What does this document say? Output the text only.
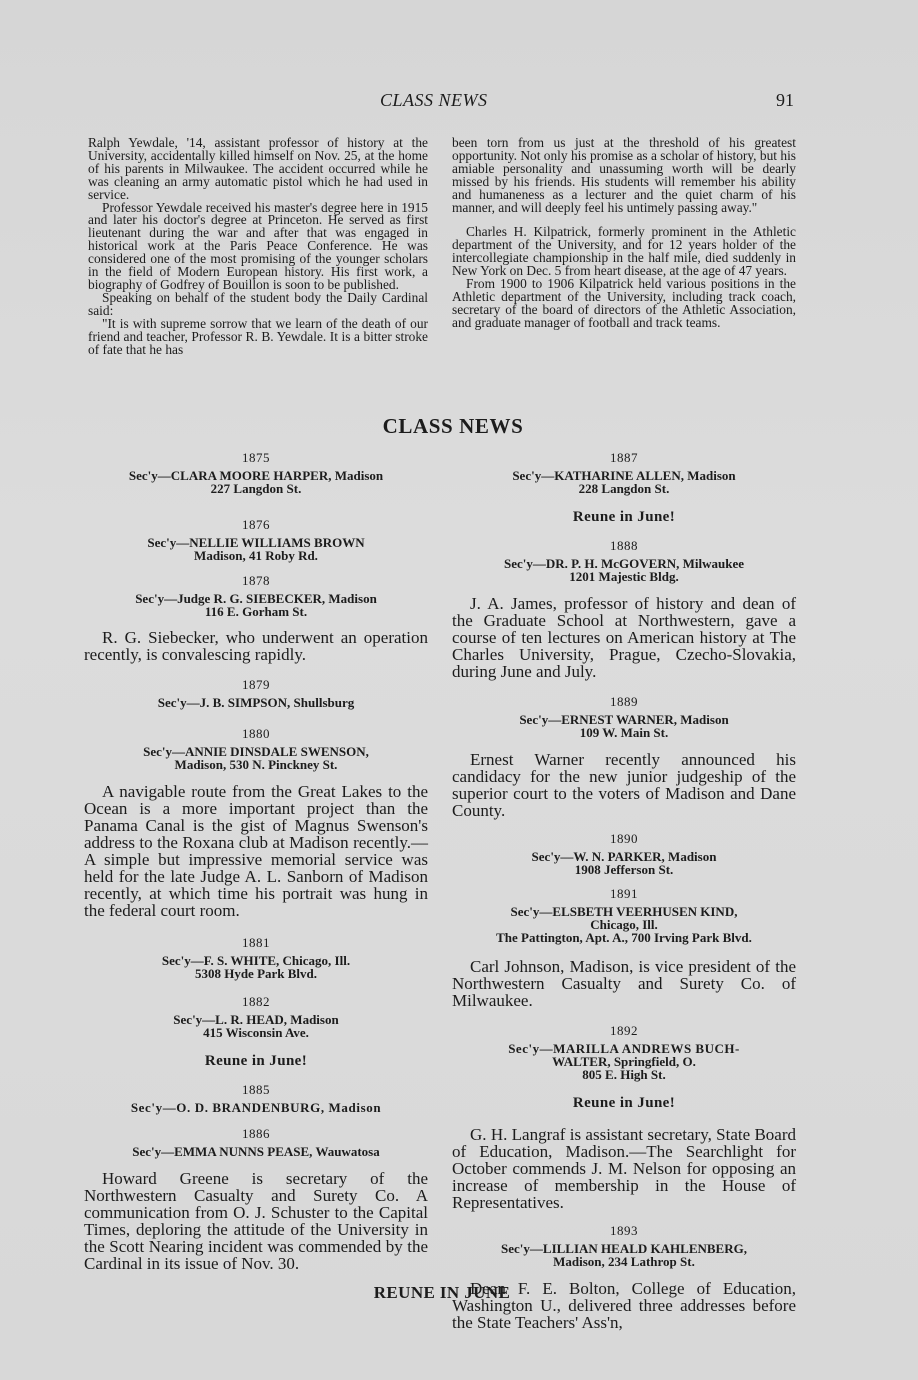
CLASS NEWS	91

Ralph Yewdale, '14, assistant professor of history at the University, accidentally killed himself on Nov. 25, at the home of his parents in Milwaukee. The accident occurred while he was cleaning an army automatic pistol which he had used in service.

Professor Yewdale received his master's degree here in 1915 and later his doctor's degree at Princeton. He served as first lieutenant during the war and after that was engaged in historical work at the Paris Peace Conference. He was considered one of the most promising of the younger scholars in the field of Modern European history. His first work, a biography of Godfrey of Bouillon is soon to be published.

Speaking on behalf of the student body the Daily Cardinal said:

"It is with supreme sorrow that we learn of the death of our friend and teacher, Professor R. B. Yewdale. It is a bitter stroke of fate that he has

been torn from us just at the threshold of his greatest opportunity. Not only his promise as a scholar of history, but his amiable personality and unassuming worth will be dearly missed by his friends. His students will remember his ability and humaneness as a lecturer and the quiet charm of his manner, and will deeply feel his untimely passing away."

Charles H. Kilpatrick, formerly prominent in the Athletic department of the University, and for 12 years holder of the intercollegiate championship in the half mile, died suddenly in New York on Dec. 5 from heart disease, at the age of 47 years.

From 1900 to 1906 Kilpatrick held various positions in the Athletic department of the University, including track coach, secretary of the board of directors of the Athletic Association, and graduate manager of football and track teams.

CLASS NEWS

1875

Sec'y—CLARA MOORE HARPER, Madison

227 Langdon St.

1876

Sec'y—NELLIE WILLIAMS BROWN

Madison, 41 Roby Rd.

1878

Sec'y—Judge R. G. SIEBECKER, Madison

116 E. Gorham St.

R. G. Siebecker, who underwent an operation recently, is convalescing rapidly.

1879

Sec'y—J. B. SIMPSON, Shullsburg

1880

Sec'y—ANNIE DINSDALE SWENSON,

Madison, 530 N. Pinckney St.

A navigable route from the Great Lakes to the Ocean is a more important project than the Panama Canal is the gist of Magnus Swenson's address to the Roxana club at Madison recently.—A simple but impressive memorial service was held for the late Judge A. L. Sanborn of Madison recently, at which time his portrait was hung in the federal court room.

1881

Sec'y—F. S. WHITE, Chicago, Ill.

5308 Hyde Park Blvd.

1882

Sec'y—L. R. HEAD, Madison

415 Wisconsin Ave.

Reune in June!

1885

Sec'y—O. D. BRANDENBURG, Madison

1886

Sec'y—EMMA NUNNS PEASE, Wauwatosa

Howard Greene is secretary of the Northwestern Casualty and Surety Co. A communication from O. J. Schuster to the Capital Times, deploring the attitude of the University in the Scott Nearing incident was commended by the Cardinal in its issue of Nov. 30.

1887

Sec'y—KATHARINE ALLEN, Madison

228 Langdon St.

Reune in June!

1888

Sec'y—DR. P. H. McGOVERN, Milwaukee

1201 Majestic Bldg.

J. A. James, professor of history and dean of the Graduate School at Northwestern, gave a course of ten lectures on American history at The Charles University, Prague, Czecho-Slovakia, during June and July.

1889

Sec'y—ERNEST WARNER, Madison

109 W. Main St.

Ernest Warner recently announced his candidacy for the new junior judgeship of the superior court to the voters of Madison and Dane County.

1890

Sec'y—W. N. PARKER, Madison

1908 Jefferson St.

1891

Sec'y—ELSBETH VEERHUSEN KIND,

Chicago, Ill.

The Pattington, Apt. A., 700 Irving Park Blvd.

Carl Johnson, Madison, is vice president of the Northwestern Casualty and Surety Co. of Milwaukee.

1892

Sec'y—MARILLA ANDREWS BUCH-

WALTER, Springfield, O.

805 E. High St.

Reune in June!

G. H. Langraf is assistant secretary, State Board of Education, Madison.—The Searchlight for October commends J. M. Nelson for opposing an increase of membership in the House of Representatives.

1893

Sec'y—LILLIAN HEALD KAHLENBERG,

Madison, 234 Lathrop St.

Dean F. E. Bolton, College of Education, Washington U., delivered three addresses before the State Teachers' Ass'n,

REUNE IN JUNE
